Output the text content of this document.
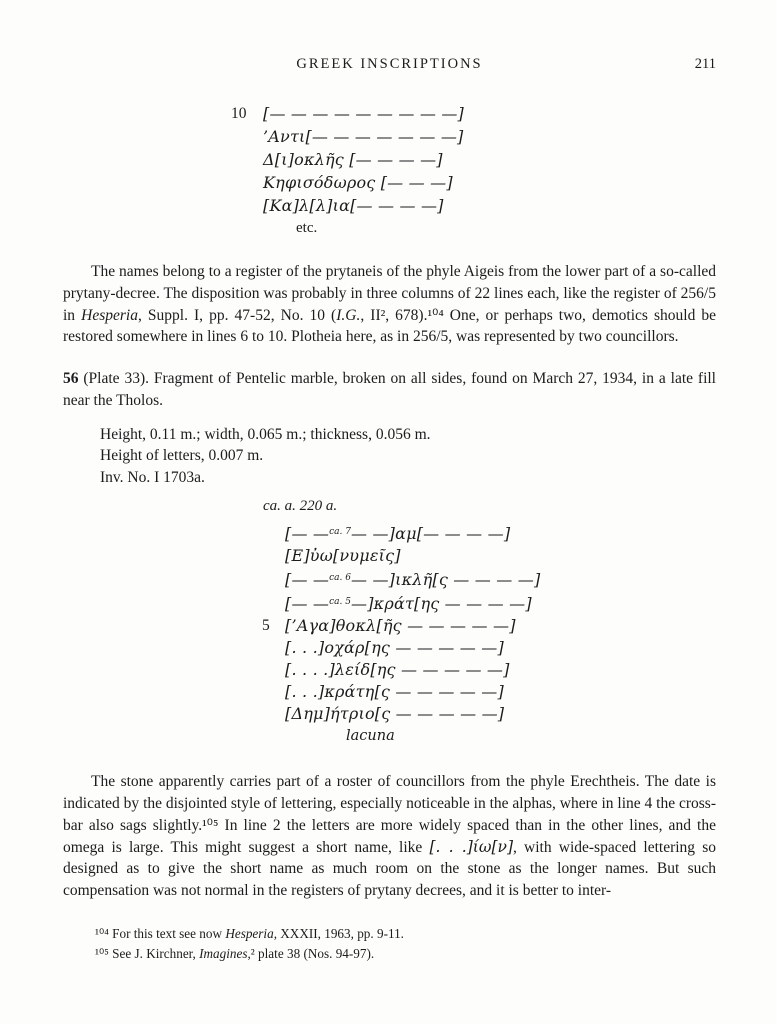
GREEK INSCRIPTIONS	211
10	[— — — — — — — — —]
’Αντι[— — — — — — —]
Δ[ι]οκλῆς [— — — —]
Κηφισόδωρος [— — —]
[Κα]λ[λ]ια[— — — —]
etc.

The names belong to a register of the prytaneis of the phyle Aigeis from the lower part of a so-called prytany-decree. The disposition was probably in three columns of 22 lines each, like the register of 256/5 in Hesperia, Suppl. I, pp. 47-52, No. 10 (I.G., II², 678).¹⁰⁴ One, or perhaps two, demotics should be restored somewhere in lines 6 to 10. Plotheia here, as in 256/5, was represented by two councillors.

56 (Plate 33). Fragment of Pentelic marble, broken on all sides, found on March 27, 1934, in a late fill near the Tholos.

Height, 0.11 m.; width, 0.065 m.; thickness, 0.056 m.
Height of letters, 0.007 m.
Inv. No. I 1703a.
ca. a. 220 a.
[— —$^{ca. 7}$— —]αμ[— — — —]
[Ε]ὐω[νυμεῖς]
[— —$^{ca. 6}$— —]ικλῆ[ς — — — —]
[— —$^{ca. 5}$—]κράτ[ης — — — —]
5 [’Αγα]θοκλ[ῆς — — — — —]
[. . .]οχάρ[ης — — — — —]
[. . . .]λείδ[ης — — — — —]
[. . .]κράτη[ς — — — — —]
[Δημ]ήτριο[ς — — — — —]
lacuna

The stone apparently carries part of a roster of councillors from the phyle Erechtheis. The date is indicated by the disjointed style of lettering, especially noticeable in the alphas, where in line 4 the cross-bar also sags slightly.¹⁰⁵ In line 2 the letters are more widely spaced than in the other lines, and the omega is large. This might suggest a short name, like [. . .]ίω[ν], with wide-spaced lettering so designed as to give the short name as much room on the stone as the longer names. But such compensation was not normal in the registers of prytany decrees, and it is better to inter-

¹⁰⁴ For this text see now Hesperia, XXXII, 1963, pp. 9-11.
¹⁰⁵ See J. Kirchner, Imagines,² plate 38 (Nos. 94-97).
